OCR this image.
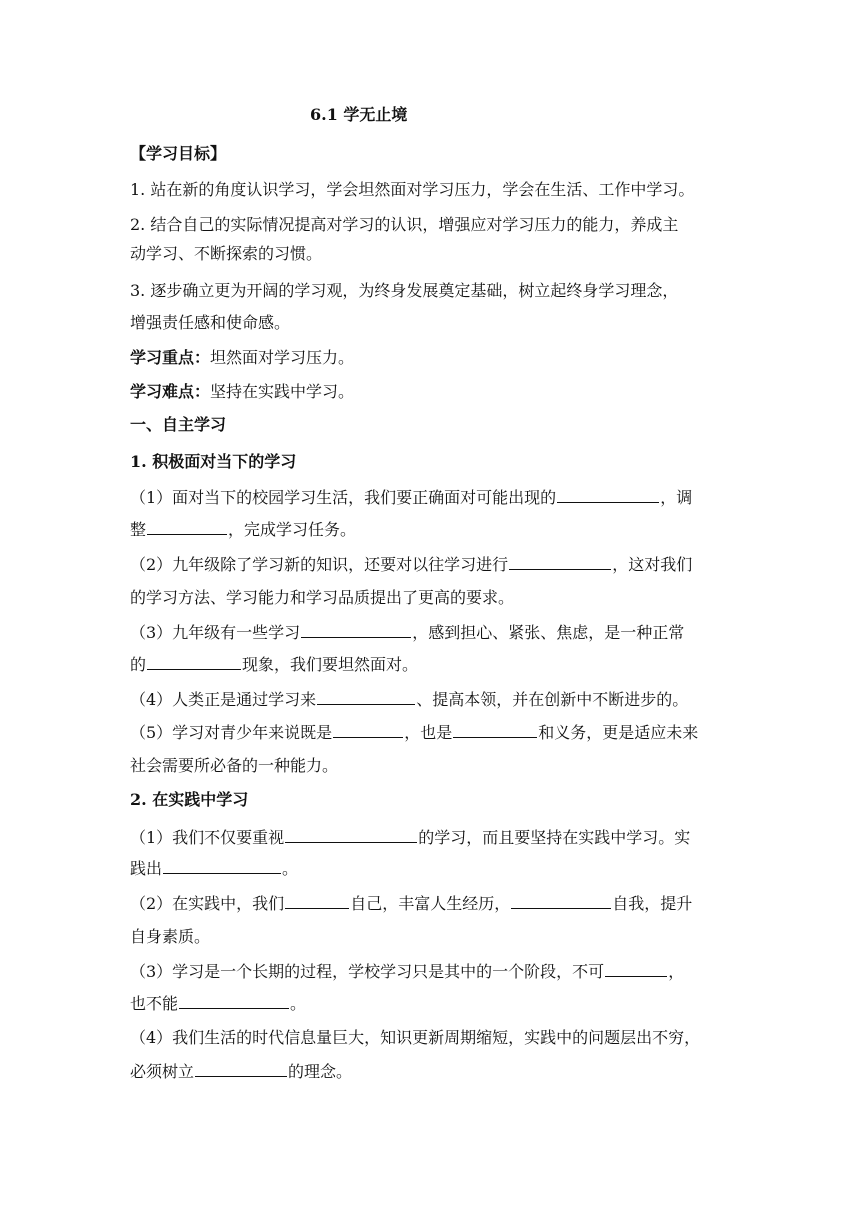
6.1 学无止境
【学习目标】
1. 站在新的角度认识学习，学会坦然面对学习压力，学会在生活、工作中学习。
2. 结合自己的实际情况提高对学习的认识，增强应对学习压力的能力，养成主
动学习、不断探索的习惯。
3. 逐步确立更为开阔的学习观，为终身发展奠定基础，树立起终身学习理念，
增强责任感和使命感。
学习重点：坦然面对学习压力。
学习难点：坚持在实践中学习。
一、自主学习
1. 积极面对当下的学习
（1）面对当下的校园学习生活，我们要正确面对可能出现的	，调
整	，完成学习任务。
（2）九年级除了学习新的知识，还要对以往学习进行	，这对我们
的学习方法、学习能力和学习品质提出了更高的要求。
（3）九年级有一些学习	，感到担心、紧张、焦虑，是一种正常
的	现象，我们要坦然面对。
（4）人类正是通过学习来	、提高本领，并在创新中不断进步的。
（5）学习对青少年来说既是	，也是	和义务，更是适应未来
社会需要所必备的一种能力。
2. 在实践中学习
（1）我们不仅要重视	的学习，而且要坚持在实践中学习。实
践出	。
（2）在实践中，我们	自己，丰富人生经历，	自我，提升
自身素质。
（3）学习是一个长期的过程，学校学习只是其中的一个阶段，不可	，
也不能	。
（4）我们生活的时代信息量巨大，知识更新周期缩短，实践中的问题层出不穷，
必须树立	的理念。
